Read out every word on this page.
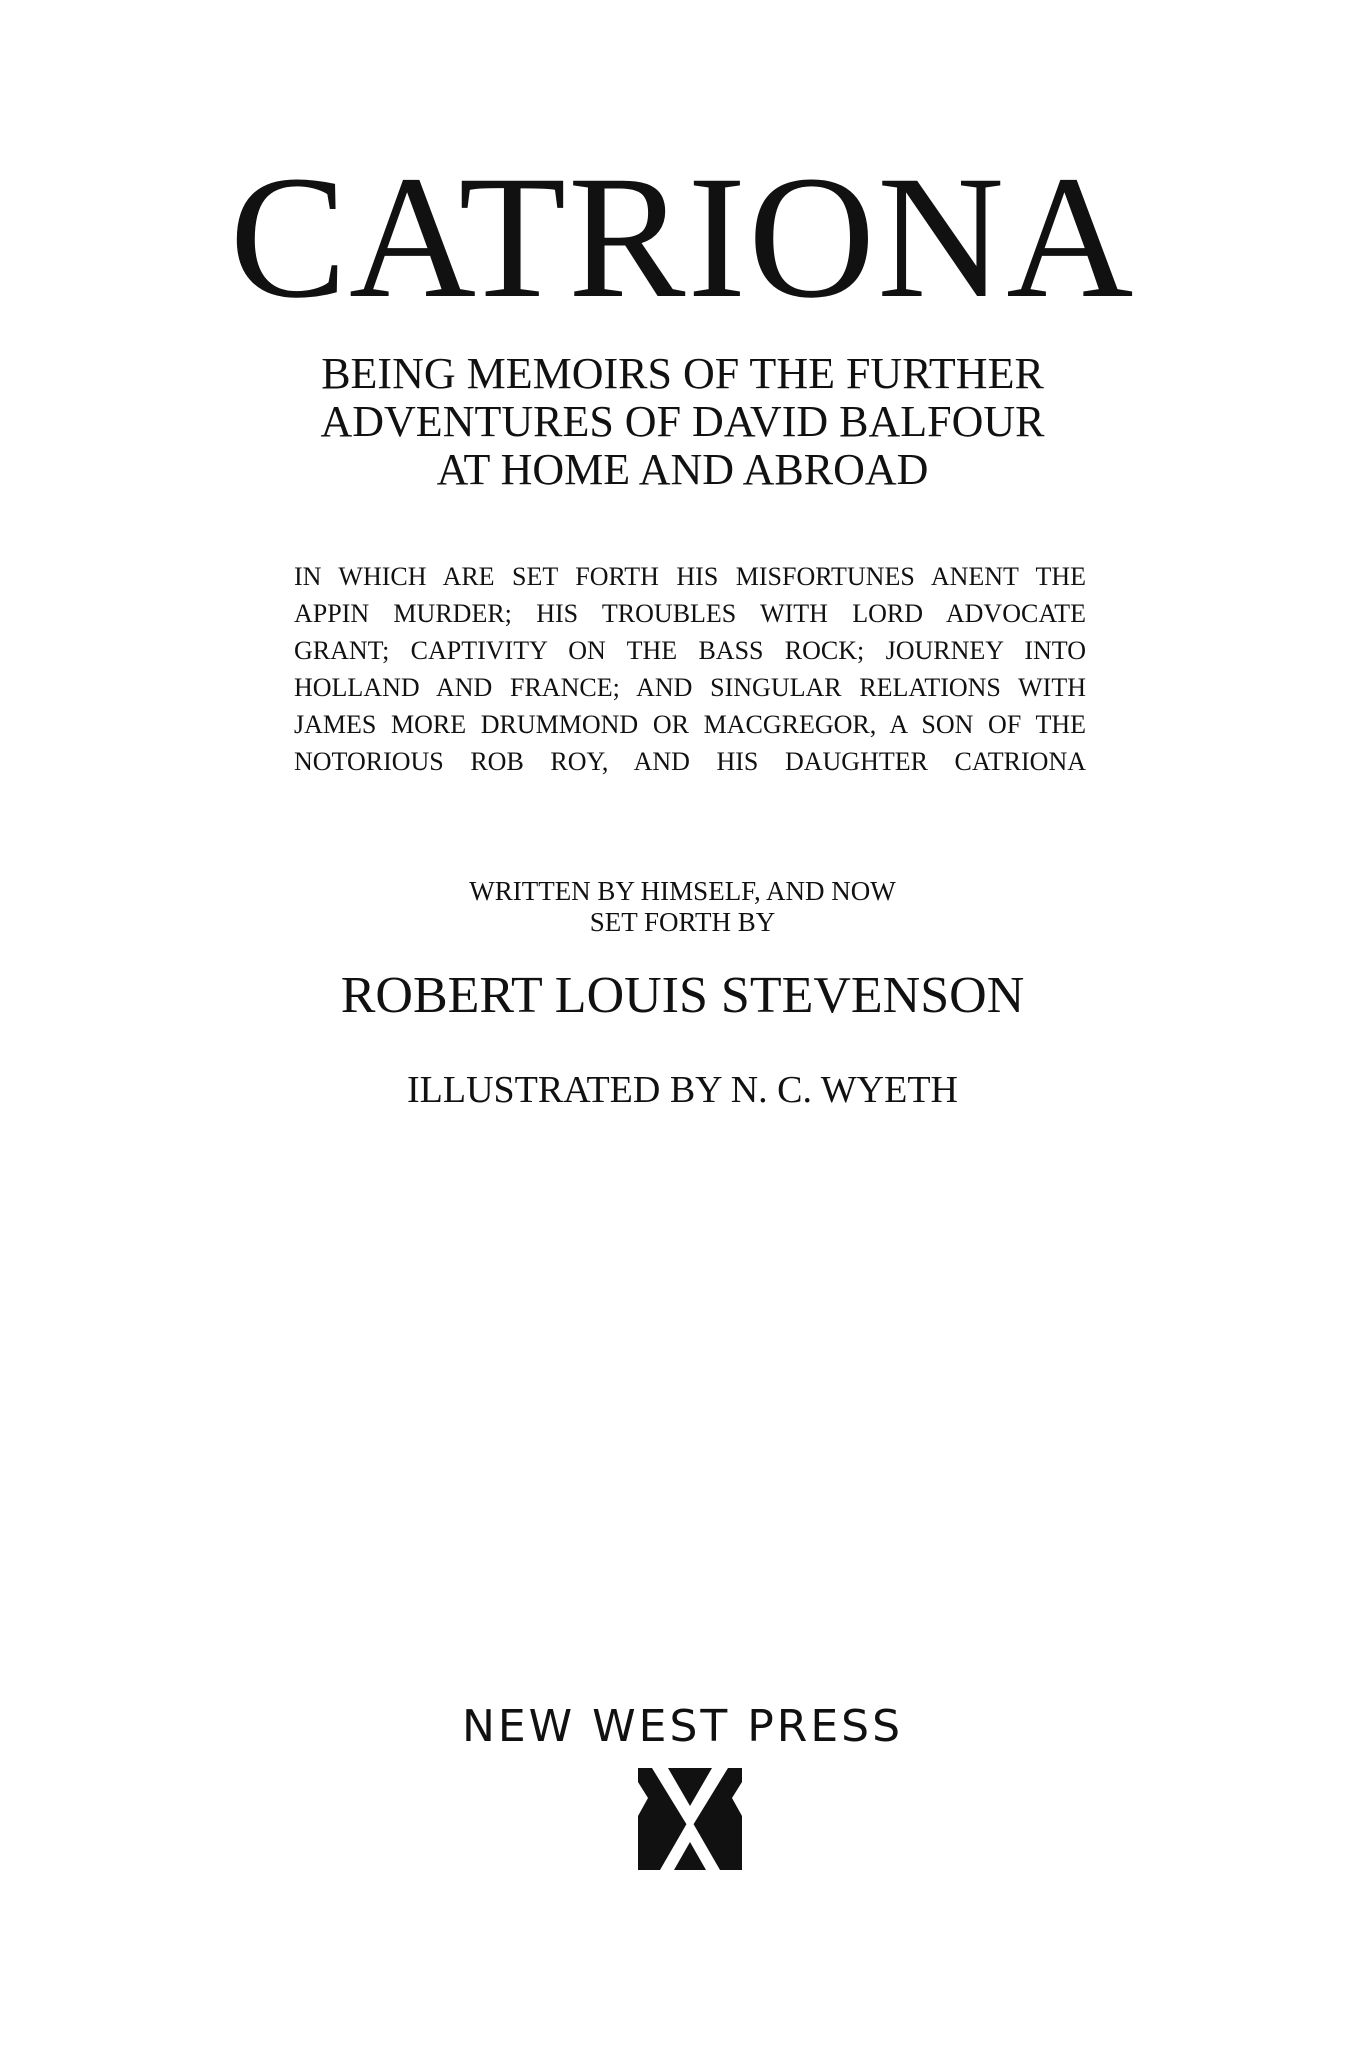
CATRIONA
BEING MEMOIRS OF THE FURTHER
ADVENTURES OF DAVID BALFOUR
AT HOME AND ABROAD
IN WHICH ARE SET FORTH HIS MISFORTUNES ANENT THE
APPIN MURDER; HIS TROUBLES WITH LORD ADVOCATE
GRANT; CAPTIVITY ON THE BASS ROCK; JOURNEY INTO
HOLLAND AND FRANCE; AND SINGULAR RELATIONS WITH
JAMES MORE DRUMMOND OR MACGREGOR, A SON OF THE
NOTORIOUS ROB ROY, AND HIS DAUGHTER CATRIONA
WRITTEN BY HIMSELF, AND NOW
SET FORTH BY
ROBERT LOUIS STEVENSON
ILLUSTRATED BY N. C. WYETH
NEW WEST PRESS
